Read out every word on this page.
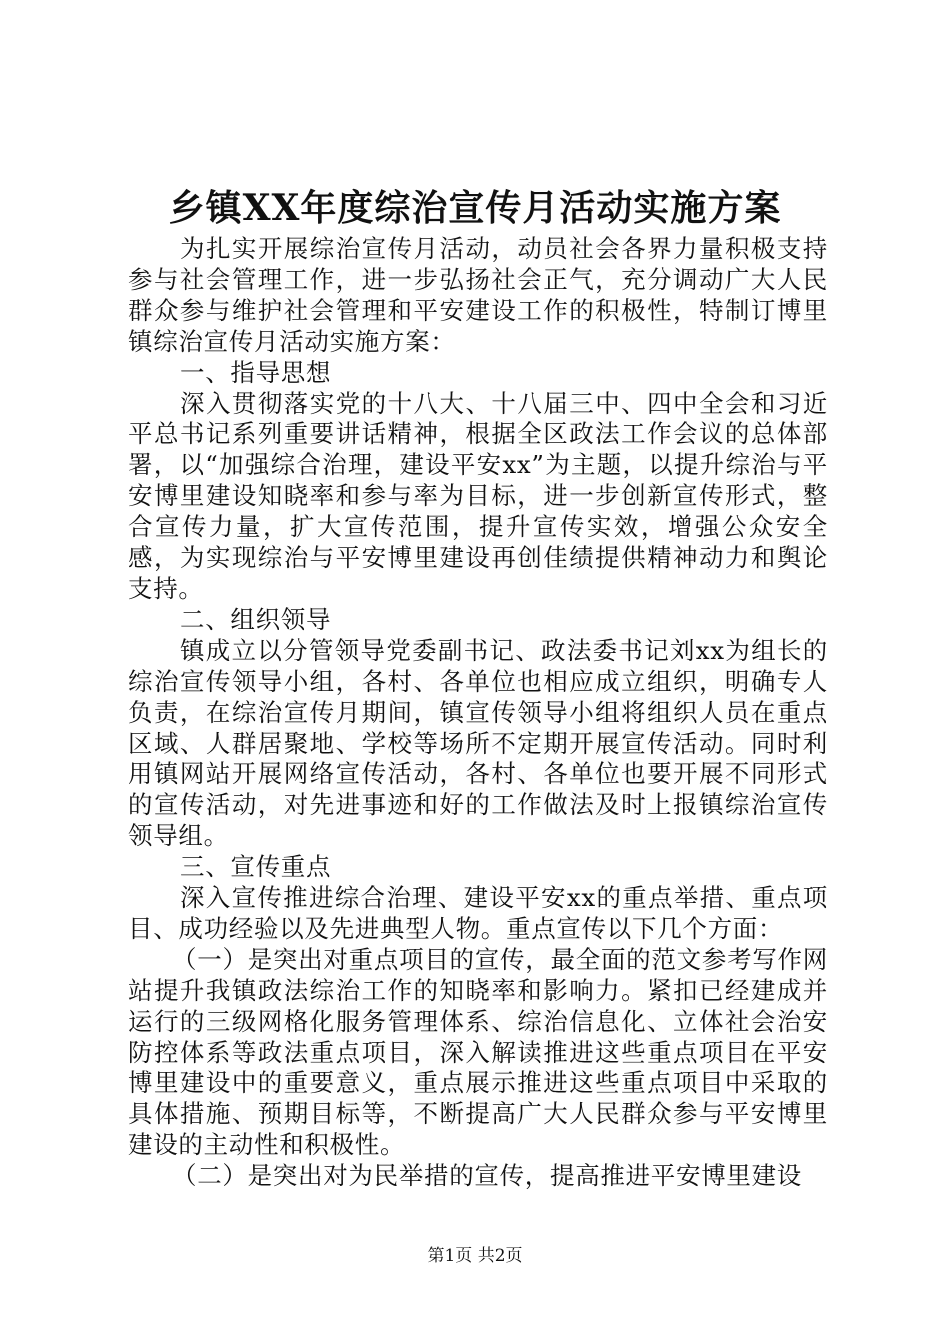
乡镇XX年度综治宣传月活动实施方案

为扎实开展综治宣传月活动，动员社会各界力量积极支持参与社会管理工作，进一步弘扬社会正气，充分调动广大人民群众参与维护社会管理和平安建设工作的积极性，特制订博里镇综治宣传月活动实施方案：

一、指导思想

深入贯彻落实党的十八大、十八届三中、四中全会和习近平总书记系列重要讲话精神，根据全区政法工作会议的总体部署，以“加强综合治理，建设平安xx”为主题，以提升综治与平安博里建设知晓率和参与率为目标，进一步创新宣传形式，整合宣传力量，扩大宣传范围，提升宣传实效，增强公众安全感，为实现综治与平安博里建设再创佳绩提供精神动力和舆论支持。

二、组织领导

镇成立以分管领导党委副书记、政法委书记刘xx为组长的综治宣传领导小组，各村、各单位也相应成立组织，明确专人负责，在综治宣传月期间，镇宣传领导小组将组织人员在重点区域、人群居聚地、学校等场所不定期开展宣传活动。同时利用镇网站开展网络宣传活动，各村、各单位也要开展不同形式的宣传活动，对先进事迹和好的工作做法及时上报镇综治宣传领导组。

三、宣传重点

深入宣传推进综合治理、建设平安xx的重点举措、重点项目、成功经验以及先进典型人物。重点宣传以下几个方面：

（一）是突出对重点项目的宣传，最全面的范文参考写作网站提升我镇政法综治工作的知晓率和影响力。紧扣已经建成并运行的三级网格化服务管理体系、综治信息化、立体社会治安防控体系等政法重点项目，深入解读推进这些重点项目在平安博里建设中的重要意义，重点展示推进这些重点项目中采取的具体措施、预期目标等，不断提高广大人民群众参与平安博里建设的主动性和积极性。

（二）是突出对为民举措的宣传，提高推进平安博里建设

第1页 共2页
